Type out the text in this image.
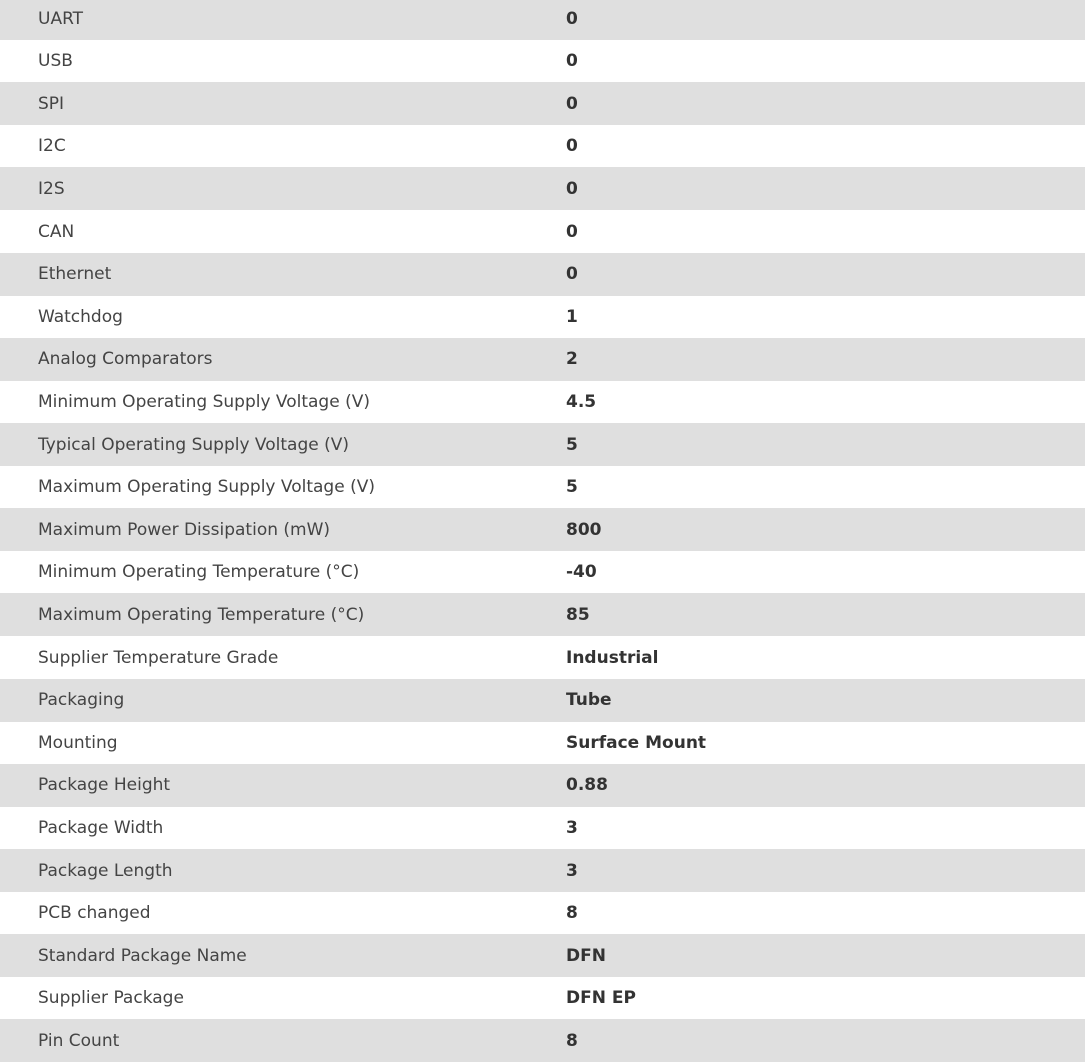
UART	0
USB	0
SPI	0
I2C	0
I2S	0
CAN	0
Ethernet	0
Watchdog	1
Analog Comparators	2
Minimum Operating Supply Voltage (V)	4.5
Typical Operating Supply Voltage (V)	5
Maximum Operating Supply Voltage (V)	5
Maximum Power Dissipation (mW)	800
Minimum Operating Temperature (°C)	-40
Maximum Operating Temperature (°C)	85
Supplier Temperature Grade	Industrial
Packaging	Tube
Mounting	Surface Mount
Package Height	0.88
Package Width	3
Package Length	3
PCB changed	8
Standard Package Name	DFN
Supplier Package	DFN EP
Pin Count	8
